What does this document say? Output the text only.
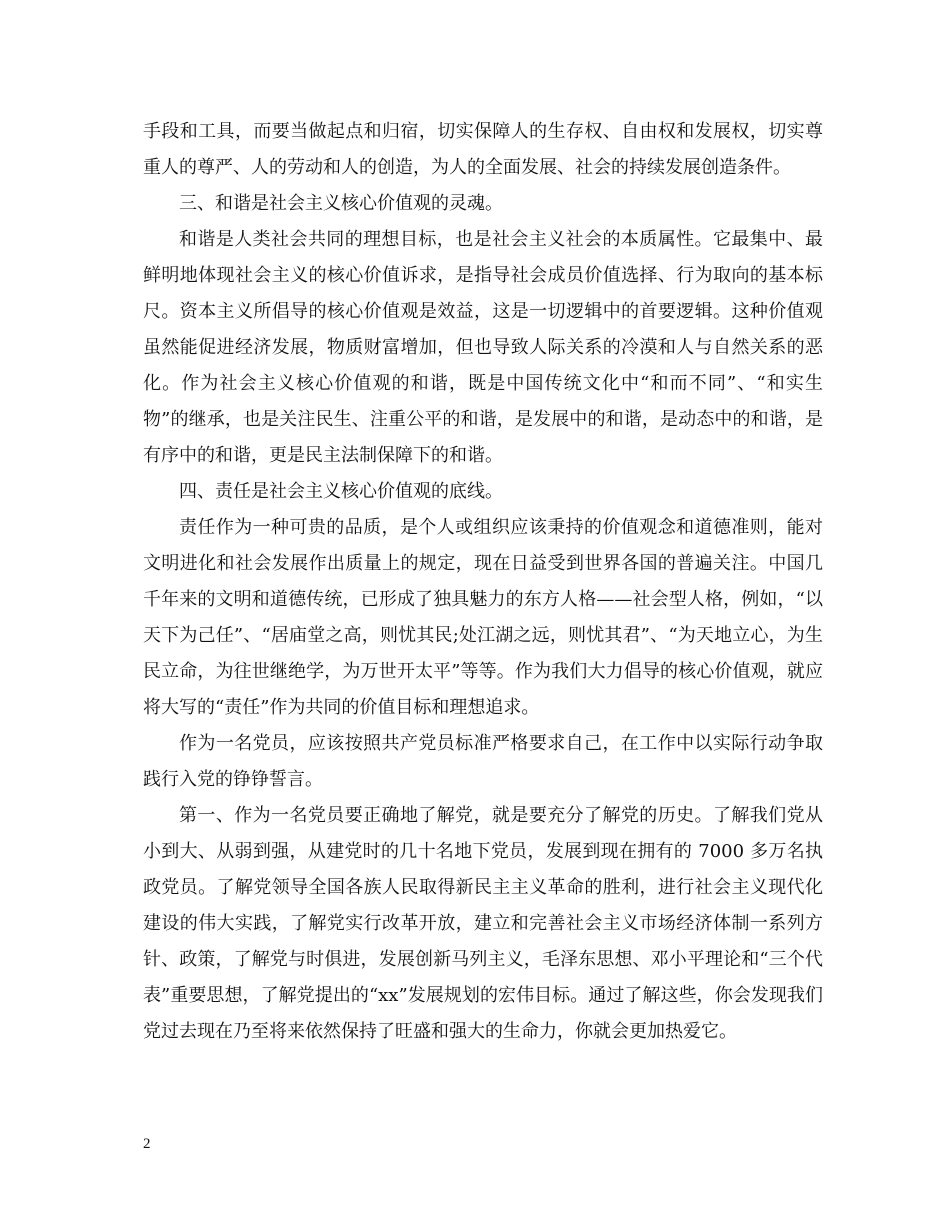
手段和工具，而要当做起点和归宿，切实保障人的生存权、自由权和发展权，切实尊重人的尊严、人的劳动和人的创造，为人的全面发展、社会的持续发展创造条件。

三、和谐是社会主义核心价值观的灵魂。

和谐是人类社会共同的理想目标，也是社会主义社会的本质属性。它最集中、最鲜明地体现社会主义的核心价值诉求，是指导社会成员价值选择、行为取向的基本标尺。资本主义所倡导的核心价值观是效益，这是一切逻辑中的首要逻辑。这种价值观虽然能促进经济发展，物质财富增加，但也导致人际关系的冷漠和人与自然关系的恶化。作为社会主义核心价值观的和谐，既是中国传统文化中“和而不同”、“和实生物”的继承，也是关注民生、注重公平的和谐，是发展中的和谐，是动态中的和谐，是有序中的和谐，更是民主法制保障下的和谐。

四、责任是社会主义核心价值观的底线。

责任作为一种可贵的品质，是个人或组织应该秉持的价值观念和道德准则，能对文明进化和社会发展作出质量上的规定，现在日益受到世界各国的普遍关注。中国几千年来的文明和道德传统，已形成了独具魅力的东方人格——社会型人格，例如，“以天下为己任”、“居庙堂之高，则忧其民;处江湖之远，则忧其君”、“为天地立心，为生民立命，为往世继绝学，为万世开太平”等等。作为我们大力倡导的核心价值观，就应将大写的“责任”作为共同的价值目标和理想追求。

作为一名党员，应该按照共产党员标准严格要求自己，在工作中以实际行动争取践行入党的铮铮誓言。

第一、作为一名党员要正确地了解党，就是要充分了解党的历史。了解我们党从小到大、从弱到强，从建党时的几十名地下党员，发展到现在拥有的 7000 多万名执政党员。了解党领导全国各族人民取得新民主主义革命的胜利，进行社会主义现代化建设的伟大实践，了解党实行改革开放，建立和完善社会主义市场经济体制一系列方针、政策，了解党与时俱进，发展创新马列主义，毛泽东思想、邓小平理论和“三个代表”重要思想，了解党提出的“xx”发展规划的宏伟目标。通过了解这些，你会发现我们党过去现在乃至将来依然保持了旺盛和强大的生命力，你就会更加热爱它。

2
